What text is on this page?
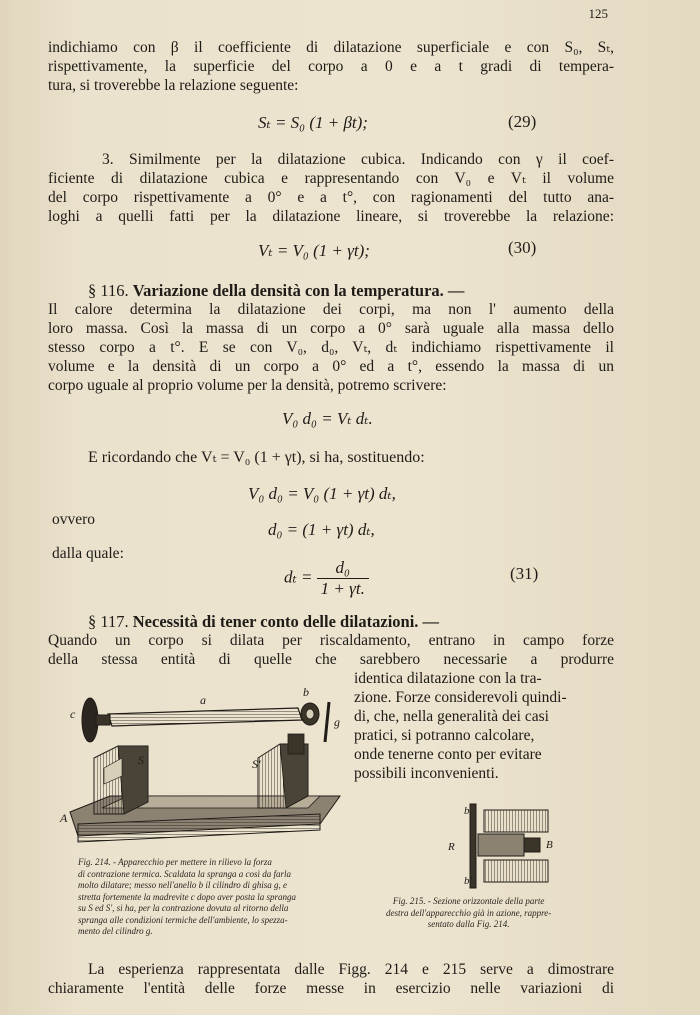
125
indichiamo con β il coefficiente di dilatazione superficiale e con S₀, Sₜ,
rispettivamente, la superficie del corpo a 0 e a t gradi di tempera-
tura, si troverebbe la relazione seguente:
Sₜ = S₀ (1 + βt);	(29)
3. Similmente per la dilatazione cubica. Indicando con γ il coef-
ficiente di dilatazione cubica e rappresentando con V₀ e Vₜ il volume
del corpo rispettivamente a 0° e a t°, con ragionamenti del tutto ana-
loghi a quelli fatti per la dilatazione lineare, si troverebbe la relazione:
Vₜ = V₀ (1 + γt);	(30)
§ 116. Variazione della densità con la temperatura. —
Il calore determina la dilatazione dei corpi, ma non l' aumento della
loro massa. Così la massa di un corpo a 0° sarà uguale alla massa dello
stesso corpo a t°. E se con V₀, d₀, Vₜ, dₜ indichiamo rispettivamente il
volume e la densità di un corpo a 0° ed a t°, essendo la massa di un
corpo uguale al proprio volume per la densità, potremo scrivere:
V₀ d₀ = Vₜ dₜ.
E ricordando che Vₜ = V₀ (1 + γt), si ha, sostituendo:
V₀ d₀ = V₀ (1 + γt) dₜ,
ovvero
d₀ = (1 + γt) dₜ,
dalla quale:
$d_t = \frac{\text{d₀}}{1 + \gamma t.}$	(31)
§ 117. Necessità di tener conto delle dilatazioni. —
Quando un corpo si dilata per riscaldamento, entrano in campo forze
della stessa entità di quelle che sarebbero necessarie a produrre
identica dilatazione con la tra-
zione. Forze considerevoli quindi-
di, che, nella generalità dei casi
pratici, si potranno calcolare,
onde tenerne conto per evitare
possibili inconvenienti.
a
b
c
g
S	S'
A
Fig. 214. - Apparecchio per mettere in rilievo la forza
di contrazione termica. Scaldata la spranga a così da farla
molto dilatare; messo nell'anello b il cilindro di ghisa g, e
stretta fortemente la madrevite c dopo aver posta la spranga
su S ed S', si ha, per la contrazione dovuta al ritorno della
spranga alle condizioni termiche dell'ambiente, lo spezza-
mento del cilindro g.
b
R	B
b'
Fig. 215. - Sezione orizzontale della parte
destra dell'apparecchio già in azione, rappre-
sentato dalla Fig. 214.
La esperienza rappresentata dalle Figg. 214 e 215 serve a dimostrare
chiaramente l'entità delle forze messe in esercizio nelle variazioni di
